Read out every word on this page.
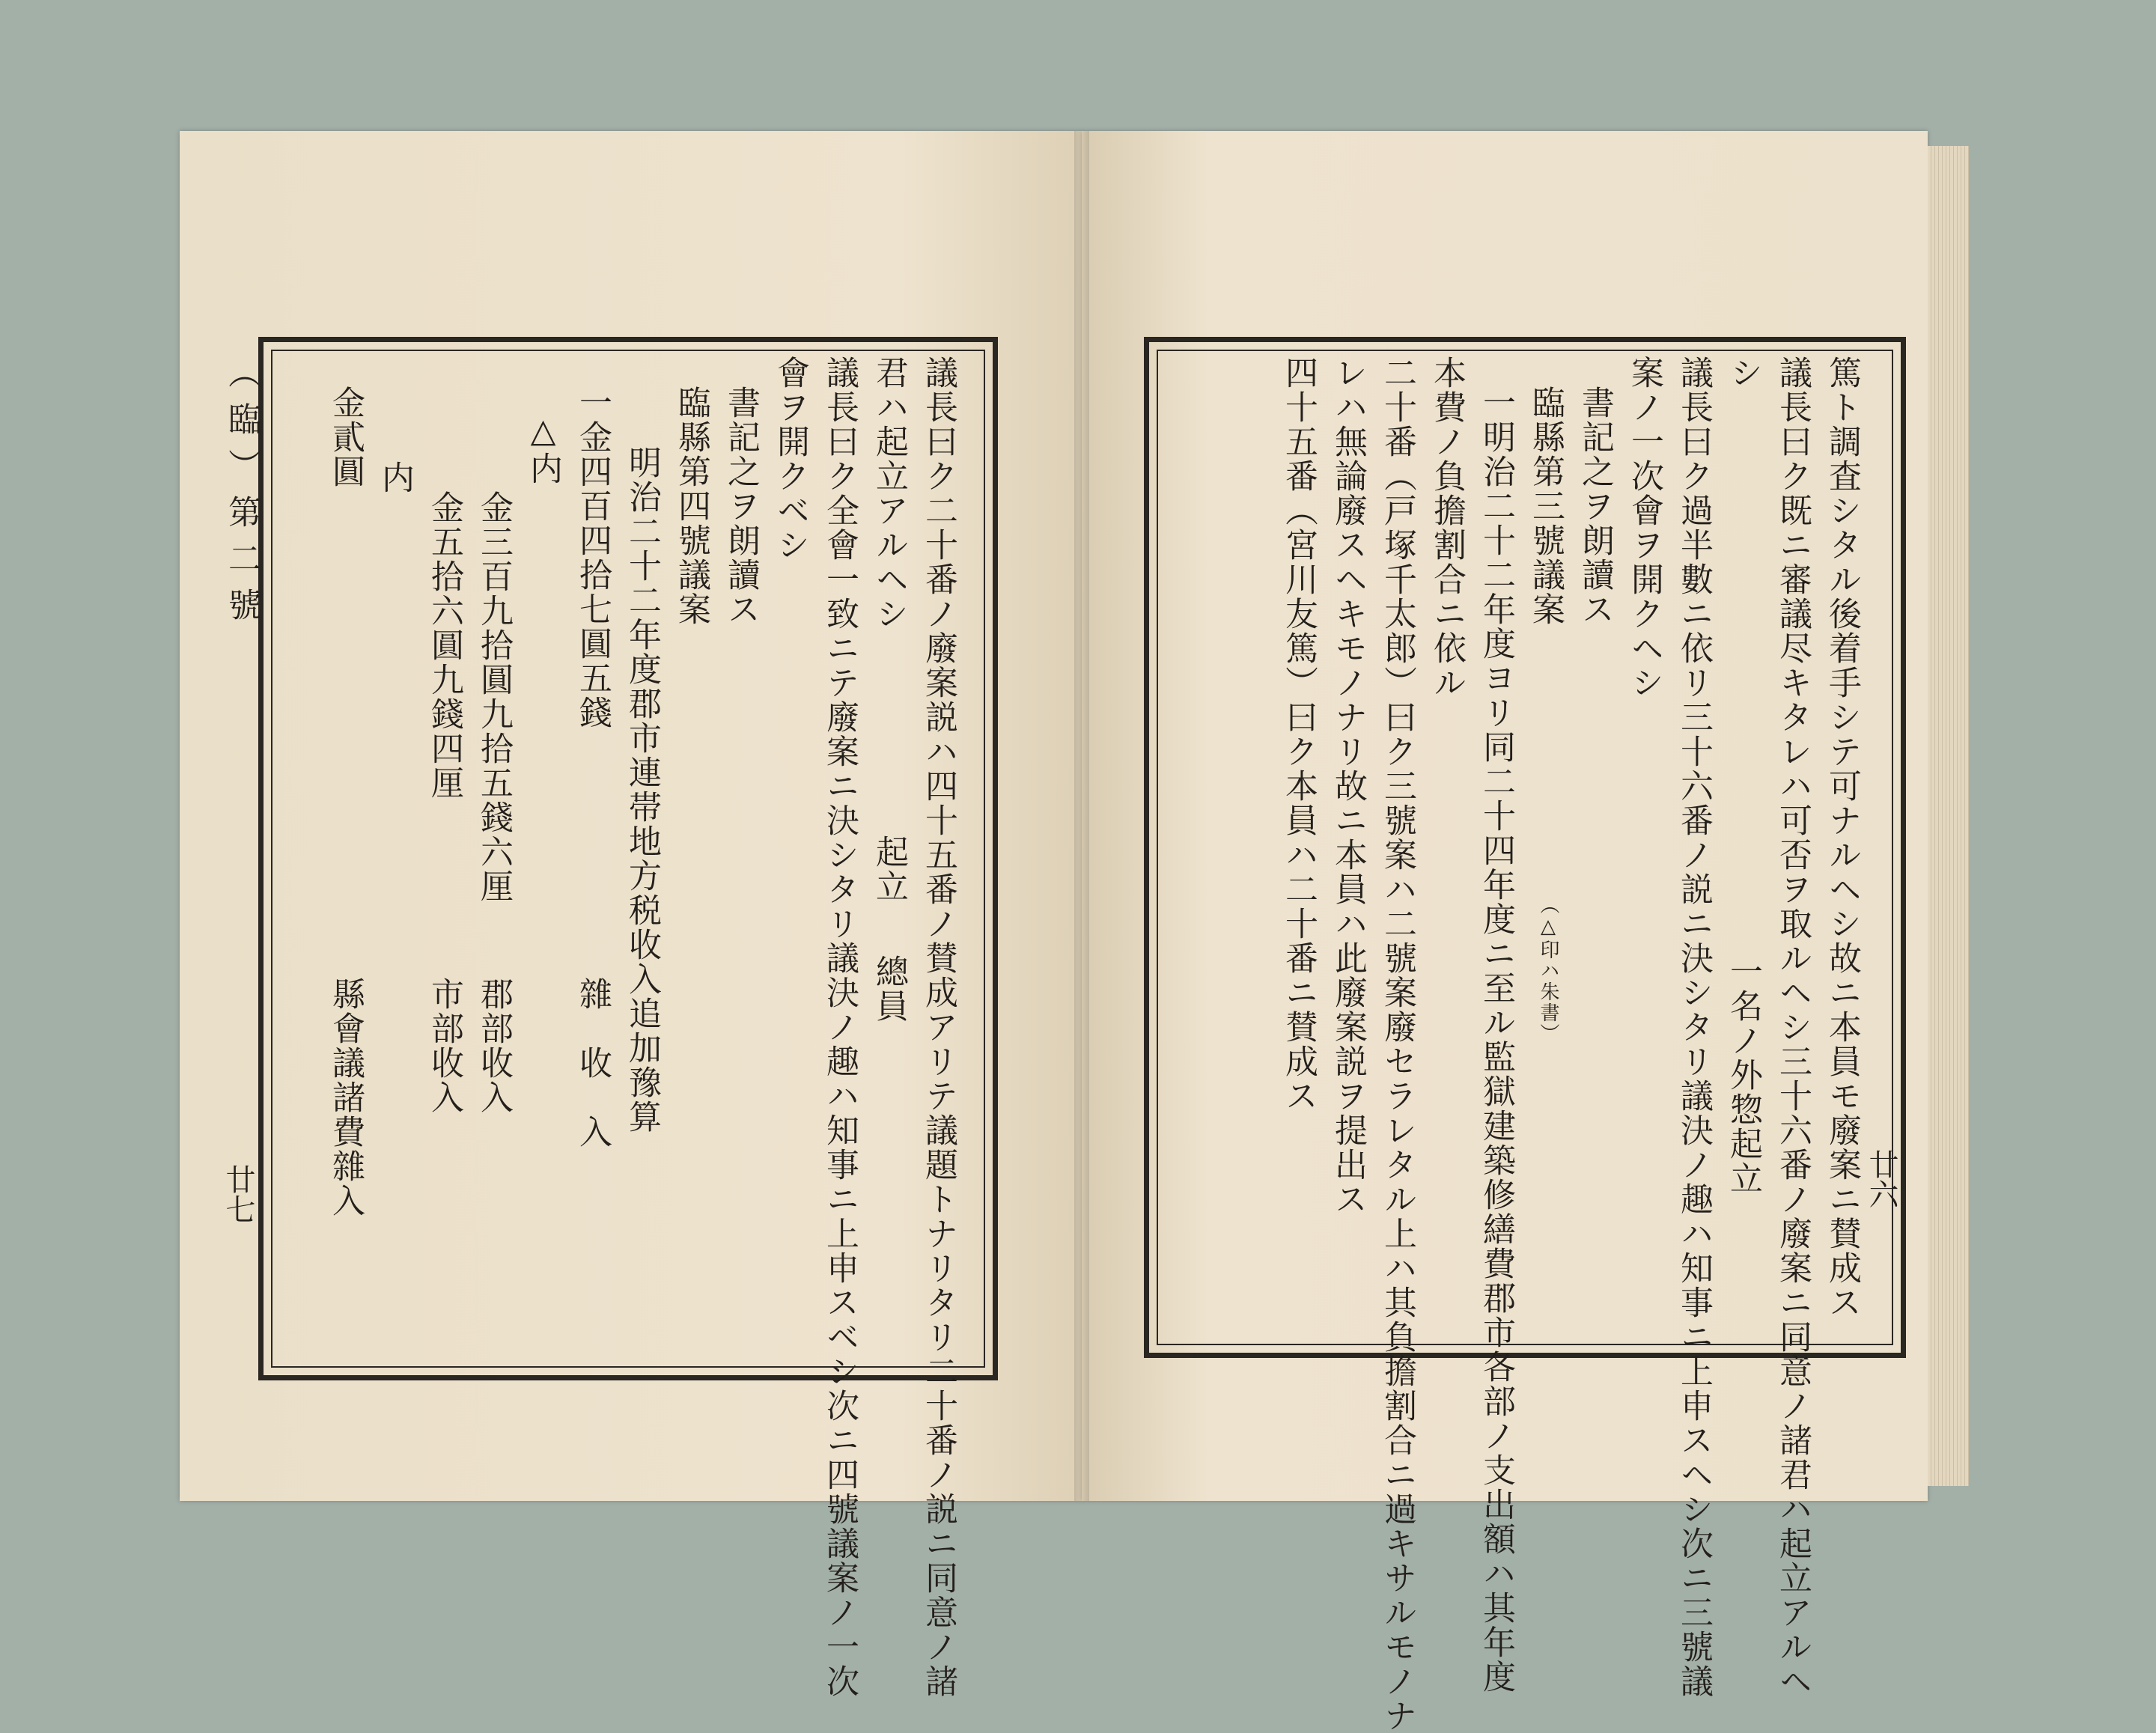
廿六
篤ト調査シタル後着手シテ可ナルヘシ故ニ本員モ廢案ニ賛成ス
議長曰ク既ニ審議尽キタレハ可否ヲ取ルヘシ三十六番ノ廢案ニ同意ノ諸君ハ起立アルヘ
シ
一名ノ外惣起立
議長曰ク過半數ニ依リ三十六番ノ説ニ決シタリ議決ノ趣ハ知事ニ上申スヘシ次ニ三號議
案ノ一次會ヲ開クヘシ
書記之ヲ朗讀ス
臨縣第三號議案
（△印ハ朱書）
一明治二十二年度ヨリ同二十四年度ニ至ル監獄建築修繕費郡市各部ノ支出額ハ其年度
本費ノ負擔割合ニ依ル
二十番（戸塚千太郎）曰ク三號案ハ二號案廢セラレタル上ハ其負擔割合ニ過キサルモノナ
レハ無論廢スヘキモノナリ故ニ本員ハ此廢案説ヲ提出ス
四十五番（宮川友篤）曰ク本員ハ二十番ニ賛成ス
（臨）第二號
廿七	議長曰ク二十番ノ廢案説ハ四十五番ノ賛成アリテ議題トナリタリ二十番ノ説ニ同意ノ諸
君ハ起立アルヘシ
起立
總員
議長曰ク全會一致ニテ廢案ニ決シタリ議決ノ趣ハ知事ニ上申スベシ次ニ四號議案ノ一次
會ヲ開クベシ
書記之ヲ朗讀ス
臨縣第四號議案
明治二十二年度郡市連帯地方税收入追加豫算
一金四百四拾七圓五錢
雜　收　入
△内
金三百九拾圓九拾五錢六厘
郡部收入
金五拾六圓九錢四厘
市部收入
内
金貳圓
縣會議諸費雜入
